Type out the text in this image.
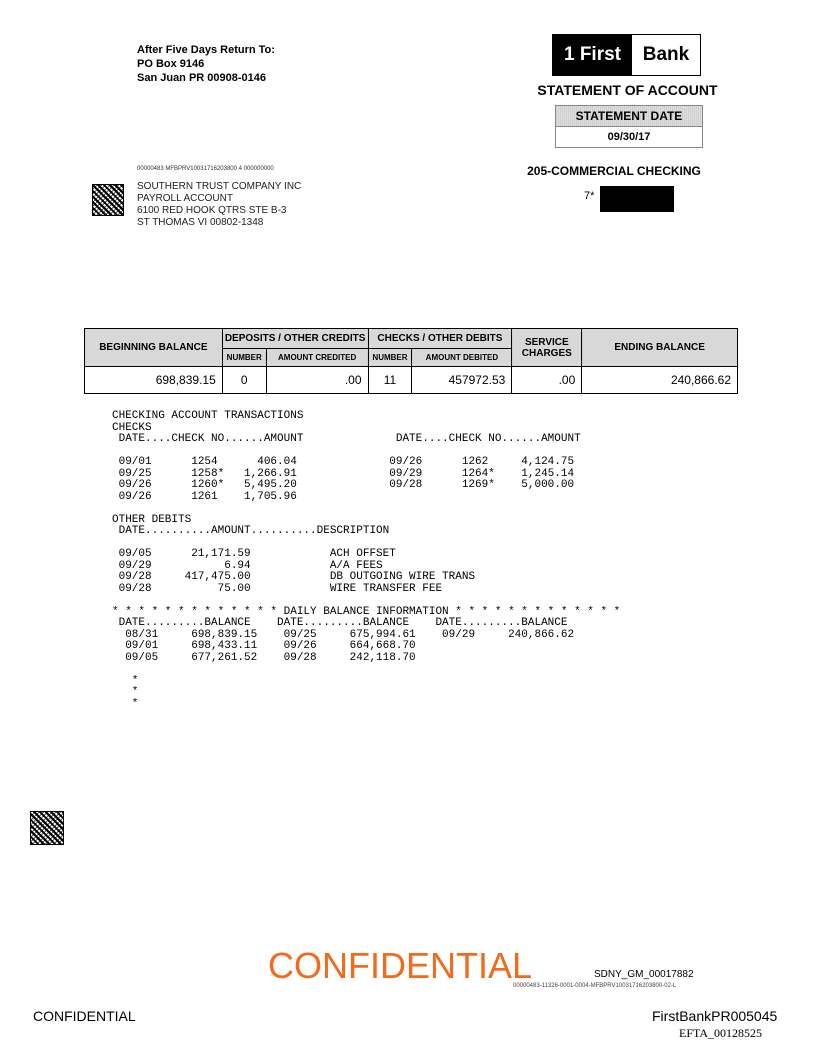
After Five Days Return To:
PO Box 9146
San Juan PR 00908-0146
1 First	Bank
STATEMENT OF ACCOUNT
STATEMENT DATE
09/30/17
205-COMMERCIAL CHECKING
7*
00000483 MFBPRV10031716203800 4 000000000
SOUTHERN TRUST COMPANY INC
PAYROLL ACCOUNT
6100 RED HOOK QTRS STE B-3
ST THOMAS VI 00802-1348
BEGINNING BALANCE	DEPOSITS / OTHER CREDITS		CHECKS / OTHER DEBITS		SERVICE CHARGES	ENDING BALANCE
	NUMBER	AMOUNT CREDITED	NUMBER	AMOUNT DEBITED		
698,839.15	0	.00	11	457972.53	.00	240,866.62
CHECKING ACCOUNT TRANSACTIONS
CHECKS
DATE....CHECK NO......AMOUNT              DATE....CHECK NO......AMOUNT

09/01      1254      406.04              09/26      1262     4,124.75
09/25      1258*   1,266.91              09/29      1264*    1,245.14
09/26      1260*   5,495.20              09/28      1269*    5,000.00
09/26      1261    1,705.96

OTHER DEBITS
DATE..........AMOUNT..........DESCRIPTION

09/05      21,171.59            ACH OFFSET
09/29           6.94            A/A FEES
09/28     417,475.00            DB OUTGOING WIRE TRANS
09/28          75.00            WIRE TRANSFER FEE

* * * * * * * * * * * * * DAILY BALANCE INFORMATION * * * * * * * * * * * * *
DATE.........BALANCE    DATE.........BALANCE    DATE.........BALANCE
08/31     698,839.15    09/25     675,994.61    09/29     240,866.62
09/01     698,433.11    09/26     664,668.70
09/05     677,261.52    09/28     242,118.70

*
*
*
CONFIDENTIAL	SDNY_GM_00017882
00000483-11326-0001-0004-MFBPRV10031716203800-02-L
CONFIDENTIAL	FirstBankPR005045
EFTA_00128525
